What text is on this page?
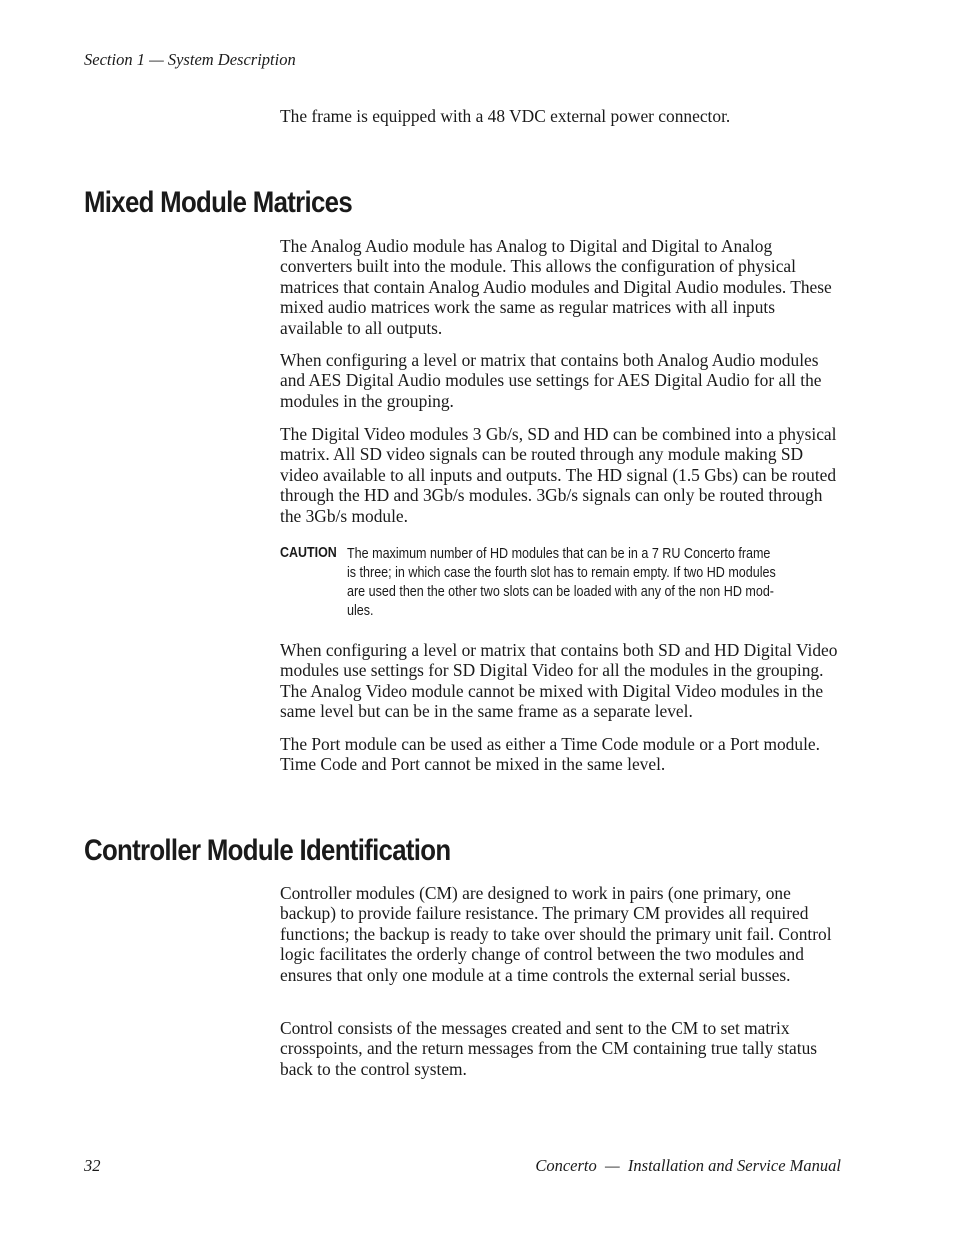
Section 1 — System Description

The frame is equipped with a 48 VDC external power connector.

Mixed Module Matrices

The Analog Audio module has Analog to Digital and Digital to Analog converters built into the module. This allows the configuration of physical matrices that contain Analog Audio modules and Digital Audio modules. These mixed audio matrices work the same as regular matrices with all inputs available to all outputs.

When configuring a level or matrix that contains both Analog Audio modules and AES Digital Audio modules use settings for AES Digital Audio for all the modules in the grouping.

The Digital Video modules 3 Gb/s, SD and HD can be combined into a physical matrix. All SD video signals can be routed through any module making SD video available to all inputs and outputs. The HD signal (1.5 Gbs) can be routed through the HD and 3Gb/s modules. 3Gb/s signals can only be routed through the 3Gb/s module.

CAUTION The maximum number of HD modules that can be in a 7 RU Concerto frame
is three; in which case the fourth slot has to remain empty. If two HD modules
are used then the other two slots can be loaded with any of the non HD mod-
ules.

When configuring a level or matrix that contains both SD and HD Digital Video modules use settings for SD Digital Video for all the modules in the grouping. The Analog Video module cannot be mixed with Digital Video modules in the same level but can be in the same frame as a separate level.

The Port module can be used as either a Time Code module or a Port module. Time Code and Port cannot be mixed in the same level.

Controller Module Identification

Controller modules (CM) are designed to work in pairs (one primary, one backup) to provide failure resistance. The primary CM provides all required functions; the backup is ready to take over should the primary unit fail. Control logic facilitates the orderly change of control between the two modules and ensures that only one module at a time controls the external serial busses.

Control consists of the messages created and sent to the CM to set matrix crosspoints, and the return messages from the CM containing true tally status back to the control system.

32	Concerto  —  Installation and Service Manual
